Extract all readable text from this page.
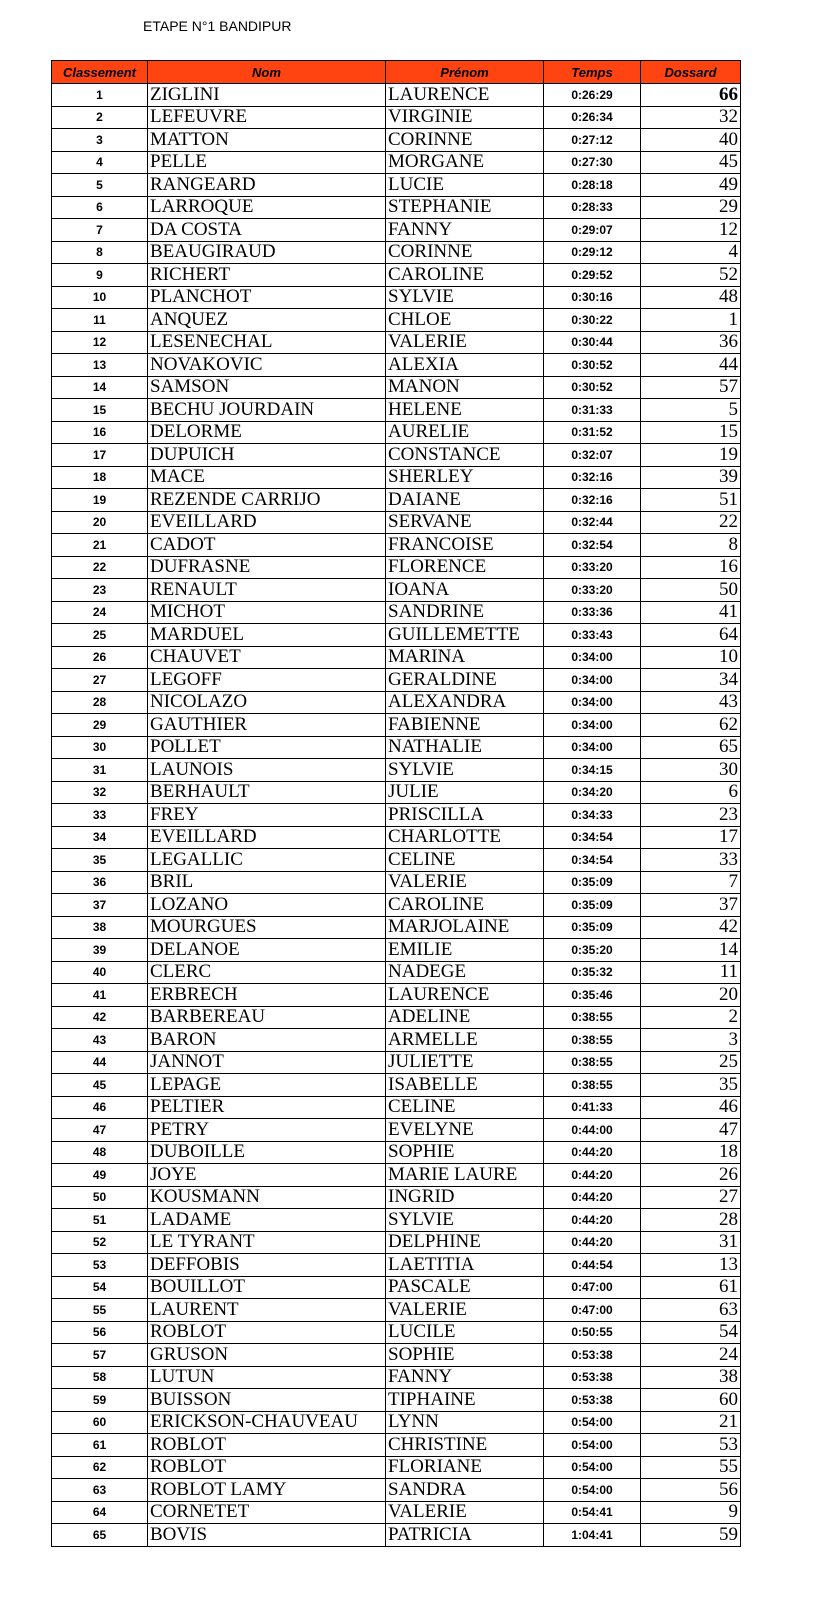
ETAPE N°1 BANDIPUR
Classement	Nom	Prénom	Temps	Dossard
1	ZIGLINI	LAURENCE	0:26:29	66
2	LEFEUVRE	VIRGINIE	0:26:34	32
3	MATTON	CORINNE	0:27:12	40
4	PELLE	MORGANE	0:27:30	45
5	RANGEARD	LUCIE	0:28:18	49
6	LARROQUE	STEPHANIE	0:28:33	29
7	DA COSTA	FANNY	0:29:07	12
8	BEAUGIRAUD	CORINNE	0:29:12	4
9	RICHERT	CAROLINE	0:29:52	52
10	PLANCHOT	SYLVIE	0:30:16	48
11	ANQUEZ	CHLOE	0:30:22	1
12	LESENECHAL	VALERIE	0:30:44	36
13	NOVAKOVIC	ALEXIA	0:30:52	44
14	SAMSON	MANON	0:30:52	57
15	BECHU JOURDAIN	HELENE	0:31:33	5
16	DELORME	AURELIE	0:31:52	15
17	DUPUICH	CONSTANCE	0:32:07	19
18	MACE	SHERLEY	0:32:16	39
19	REZENDE CARRIJO	DAIANE	0:32:16	51
20	EVEILLARD	SERVANE	0:32:44	22
21	CADOT	FRANCOISE	0:32:54	8
22	DUFRASNE	FLORENCE	0:33:20	16
23	RENAULT	IOANA	0:33:20	50
24	MICHOT	SANDRINE	0:33:36	41
25	MARDUEL	GUILLEMETTE	0:33:43	64
26	CHAUVET	MARINA	0:34:00	10
27	LEGOFF	GERALDINE	0:34:00	34
28	NICOLAZO	ALEXANDRA	0:34:00	43
29	GAUTHIER	FABIENNE	0:34:00	62
30	POLLET	NATHALIE	0:34:00	65
31	LAUNOIS	SYLVIE	0:34:15	30
32	BERHAULT	JULIE	0:34:20	6
33	FREY	PRISCILLA	0:34:33	23
34	EVEILLARD	CHARLOTTE	0:34:54	17
35	LEGALLIC	CELINE	0:34:54	33
36	BRIL	VALERIE	0:35:09	7
37	LOZANO	CAROLINE	0:35:09	37
38	MOURGUES	MARJOLAINE	0:35:09	42
39	DELANOE	EMILIE	0:35:20	14
40	CLERC	NADEGE	0:35:32	11
41	ERBRECH	LAURENCE	0:35:46	20
42	BARBEREAU	ADELINE	0:38:55	2
43	BARON	ARMELLE	0:38:55	3
44	JANNOT	JULIETTE	0:38:55	25
45	LEPAGE	ISABELLE	0:38:55	35
46	PELTIER	CELINE	0:41:33	46
47	PETRY	EVELYNE	0:44:00	47
48	DUBOILLE	SOPHIE	0:44:20	18
49	JOYE	MARIE LAURE	0:44:20	26
50	KOUSMANN	INGRID	0:44:20	27
51	LADAME	SYLVIE	0:44:20	28
52	LE TYRANT	DELPHINE	0:44:20	31
53	DEFFOBIS	LAETITIA	0:44:54	13
54	BOUILLOT	PASCALE	0:47:00	61
55	LAURENT	VALERIE	0:47:00	63
56	ROBLOT	LUCILE	0:50:55	54
57	GRUSON	SOPHIE	0:53:38	24
58	LUTUN	FANNY	0:53:38	38
59	BUISSON	TIPHAINE	0:53:38	60
60	ERICKSON-CHAUVEAU	LYNN	0:54:00	21
61	ROBLOT	CHRISTINE	0:54:00	53
62	ROBLOT	FLORIANE	0:54:00	55
63	ROBLOT LAMY	SANDRA	0:54:00	56
64	CORNETET	VALERIE	0:54:41	9
65	BOVIS	PATRICIA	1:04:41	59
